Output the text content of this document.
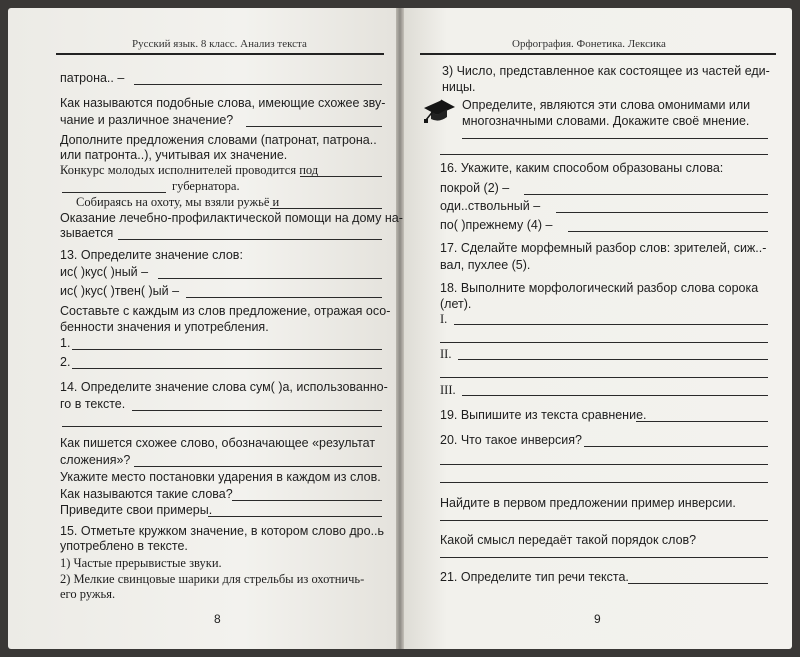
Русский язык. 8 класс. Анализ текста
патрона.. –
Как называются подобные слова, имеющие схожее зву-
чание и различное значение?
Дополните предложения словами (патронат, патрона..
или патронта..), учитывая их значение.
Конкурс молодых исполнителей проводится под
губернатора.
Собираясь на охоту, мы взяли ружьё и
Оказание лечебно-профилактической помощи на дому на-
зывается
13. Определите значение слов:
ис( )кус( )ный –
ис( )кус( )твен( )ый –
Составьте с каждым из слов предложение, отражая осо-
бенности значения и употребления.
1.
2.
14. Определите значение слова сум( )а, использованно-
го в тексте.
Как пишется схожее слово, обозначающее «результат
сложения»?
Укажите место постановки ударения в каждом из слов.
Как называются такие слова?
Приведите свои примеры.
15. Отметьте кружком значение, в котором слово дро..ь
употреблено в тексте.
1) Частые прерывистые звуки.
2) Мелкие свинцовые шарики для стрельбы из охотничь-
его ружья.
8
Орфография. Фонетика. Лексика
3) Число, представленное как состоящее из частей еди-
ницы.
Определите, являются эти слова омонимами или
многозначными словами. Докажите своё мнение.
16. Укажите, каким способом образованы слова:
покрой (2) –
оди..ствольный –
по( )прежнему (4) –
17. Сделайте морфемный разбор слов: зрителей, сиж..-
вал, пухлее (5).
18. Выполните морфологический разбор слова сорока
(лет).
I.
II.
III.
19. Выпишите из текста сравнение.
20. Что такое инверсия?
Найдите в первом предложении пример инверсии.
Какой смысл передаёт такой порядок слов?
21. Определите тип речи текста.
9
